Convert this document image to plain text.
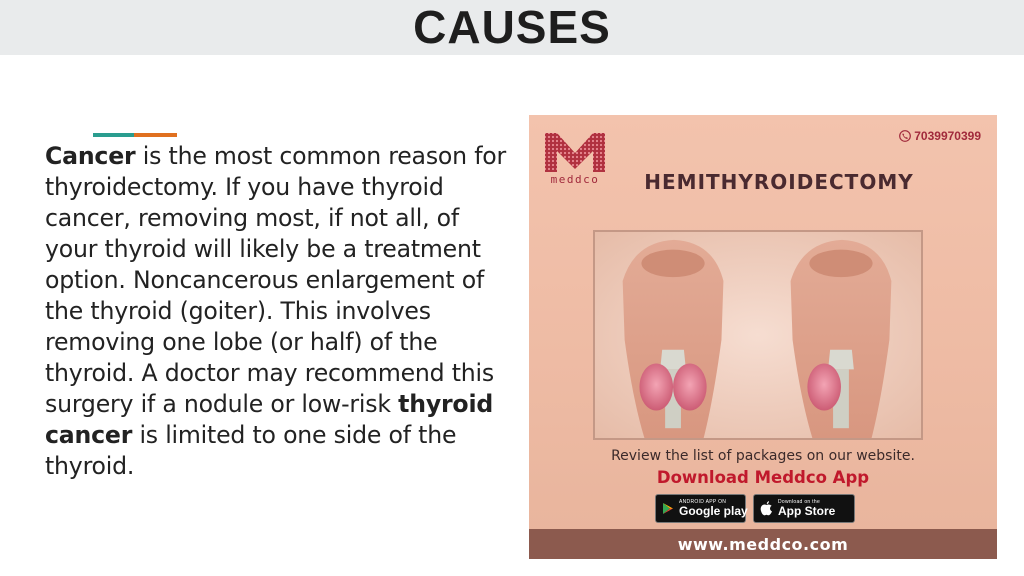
CAUSES
Cancer is the most common reason for thyroidectomy. If you have thyroid cancer, removing most, if not all, of your thyroid will likely be a treatment option. Noncancerous enlargement of the thyroid (goiter). This involves removing one lobe (or half) of the thyroid. A doctor may recommend this surgery if a nodule or low-risk thyroid cancer is limited to one side of the thyroid.
meddco
7039970399
HEMITHYROIDECTOMY
Review the list of packages on our website.
Download Meddco App
ANDROID APP ON
Google play
Download on the
App Store
www.meddco.com
